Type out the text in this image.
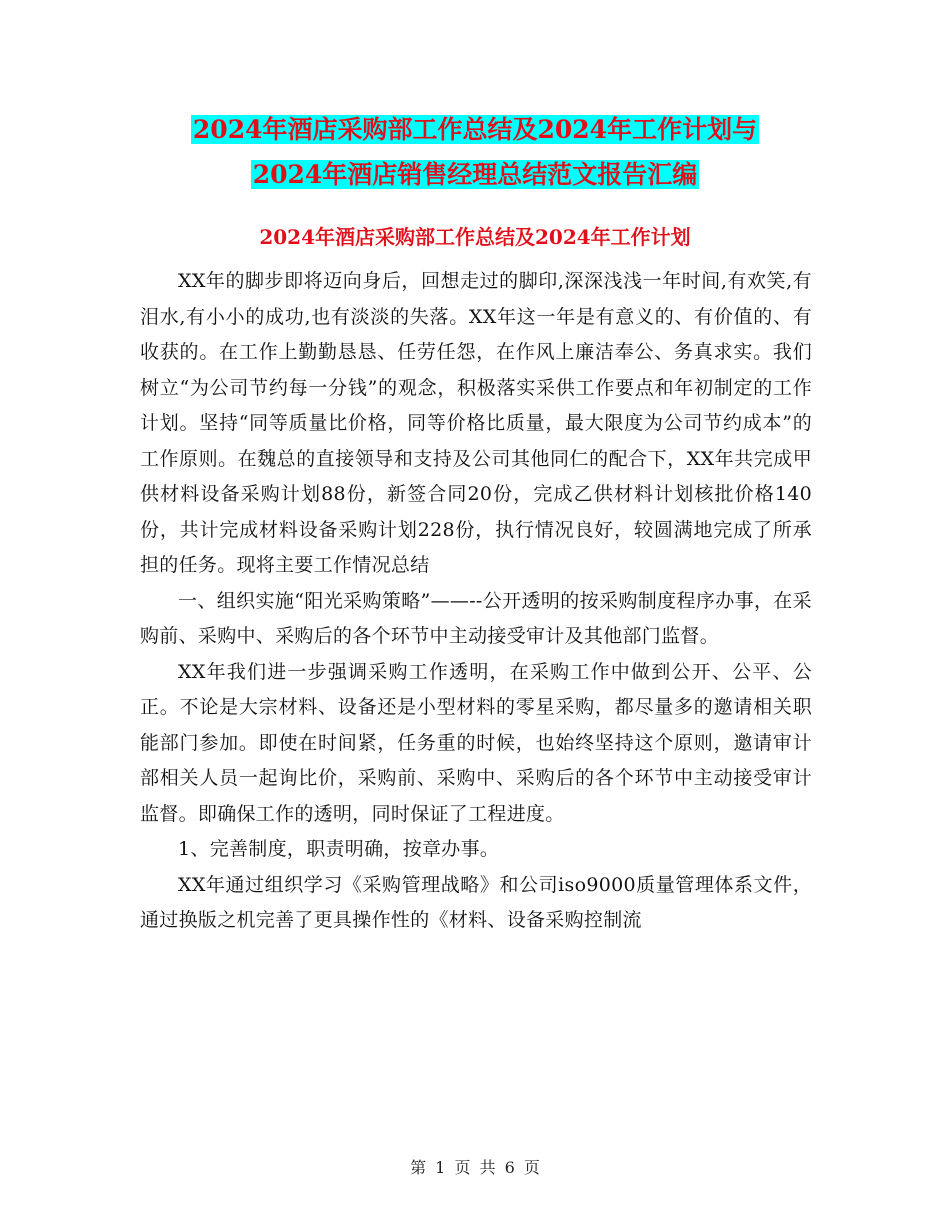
2024年酒店采购部工作总结及2024年工作计划与
2024年酒店销售经理总结范文报告汇编
2024年酒店采购部工作总结及2024年工作计划

XX年的脚步即将迈向身后，回想走过的脚印,深深浅浅一年时间,有欢笑,有泪水,有小小的成功,也有淡淡的失落。XX年这一年是有意义的、有价值的、有收获的。在工作上勤勤恳恳、任劳任怨，在作风上廉洁奉公、务真求实。我们树立“为公司节约每一分钱”的观念，积极落实采供工作要点和年初制定的工作计划。坚持“同等质量比价格，同等价格比质量，最大限度为公司节约成本”的工作原则。在魏总的直接领导和支持及公司其他同仁的配合下，XX年共完成甲供材料设备采购计划88份，新签合同20份，完成乙供材料计划核批价格140份，共计完成材料设备采购计划228份，执行情况良好，较圆满地完成了所承担的任务。现将主要工作情况总结

一、组织实施“阳光采购策略”——--公开透明的按采购制度程序办事，在采购前、采购中、采购后的各个环节中主动接受审计及其他部门监督。

XX年我们进一步强调采购工作透明，在采购工作中做到公开、公平、公正。不论是大宗材料、设备还是小型材料的零星采购，都尽量多的邀请相关职能部门参加。即使在时间紧，任务重的时候，也始终坚持这个原则，邀请审计部相关人员一起询比价，采购前、采购中、采购后的各个环节中主动接受审计监督。即确保工作的透明，同时保证了工程进度。

1、完善制度，职责明确，按章办事。

XX年通过组织学习《采购管理战略》和公司iso9000质量管理体系文件，通过换版之机完善了更具操作性的《材料、设备采购控制流

第 1 页 共 6 页
